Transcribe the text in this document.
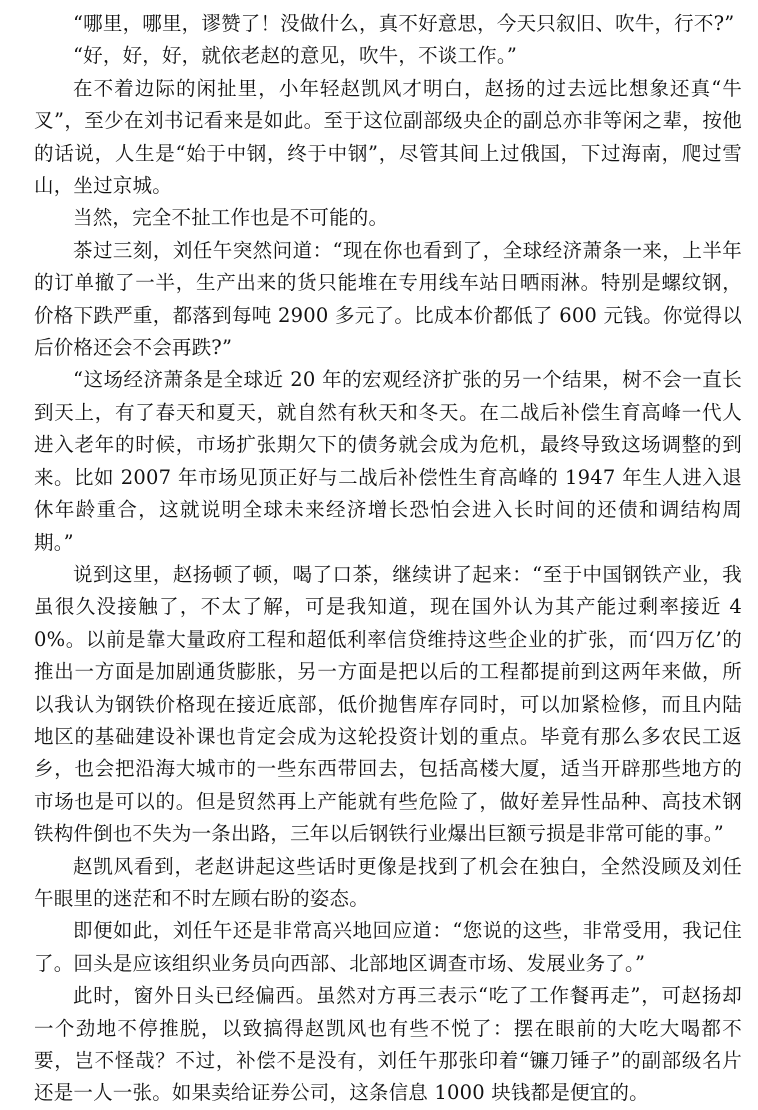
“哪里，哪里，谬赞了！没做什么，真不好意思，今天只叙旧、吹牛，行不?”

“好，好，好，就依老赵的意见，吹牛，不谈工作。”

在不着边际的闲扯里，小年轻赵凯风才明白，赵扬的过去远比想象还真“牛叉”，至少在刘书记看来是如此。至于这位副部级央企的副总亦非等闲之辈，按他的话说，人生是“始于中钢，终于中钢”，尽管其间上过俄国，下过海南，爬过雪山，坐过京城。

当然，完全不扯工作也是不可能的。

茶过三刻，刘任午突然问道：“现在你也看到了，全球经济萧条一来，上半年的订单撤了一半，生产出来的货只能堆在专用线车站日晒雨淋。特别是螺纹钢，价格下跌严重，都落到每吨 2900 多元了。比成本价都低了 600 元钱。你觉得以后价格还会不会再跌?”

“这场经济萧条是全球近 20 年的宏观经济扩张的另一个结果，树不会一直长到天上，有了春天和夏天，就自然有秋天和冬天。在二战后补偿生育高峰一代人进入老年的时候，市场扩张期欠下的债务就会成为危机，最终导致这场调整的到来。比如 2007 年市场见顶正好与二战后补偿性生育高峰的 1947 年生人进入退休年龄重合，这就说明全球未来经济增长恐怕会进入长时间的还债和调结构周期。”

说到这里，赵扬顿了顿，喝了口茶，继续讲了起来：“至于中国钢铁产业，我虽很久没接触了，不太了解，可是我知道，现在国外认为其产能过剩率接近 40%。以前是靠大量政府工程和超低利率信贷维持这些企业的扩张，而‘四万亿’的推出一方面是加剧通货膨胀，另一方面是把以后的工程都提前到这两年来做，所以我认为钢铁价格现在接近底部，低价抛售库存同时，可以加紧检修，而且内陆地区的基础建设补课也肯定会成为这轮投资计划的重点。毕竟有那么多农民工返乡，也会把沿海大城市的一些东西带回去，包括高楼大厦，适当开辟那些地方的市场也是可以的。但是贸然再上产能就有些危险了，做好差异性品种、高技术钢铁构件倒也不失为一条出路，三年以后钢铁行业爆出巨额亏损是非常可能的事。”

赵凯风看到，老赵讲起这些话时更像是找到了机会在独白，全然没顾及刘任午眼里的迷茫和不时左顾右盼的姿态。

即便如此，刘任午还是非常高兴地回应道：“您说的这些，非常受用，我记住了。回头是应该组织业务员向西部、北部地区调查市场、发展业务了。”

此时，窗外日头已经偏西。虽然对方再三表示“吃了工作餐再走”，可赵扬却一个劲地不停推脱，以致搞得赵凯风也有些不悦了：摆在眼前的大吃大喝都不要，岂不怪哉？不过，补偿不是没有，刘任午那张印着“镰刀锤子”的副部级名片还是一人一张。如果卖给证券公司，这条信息 1000 块钱都是便宜的。
